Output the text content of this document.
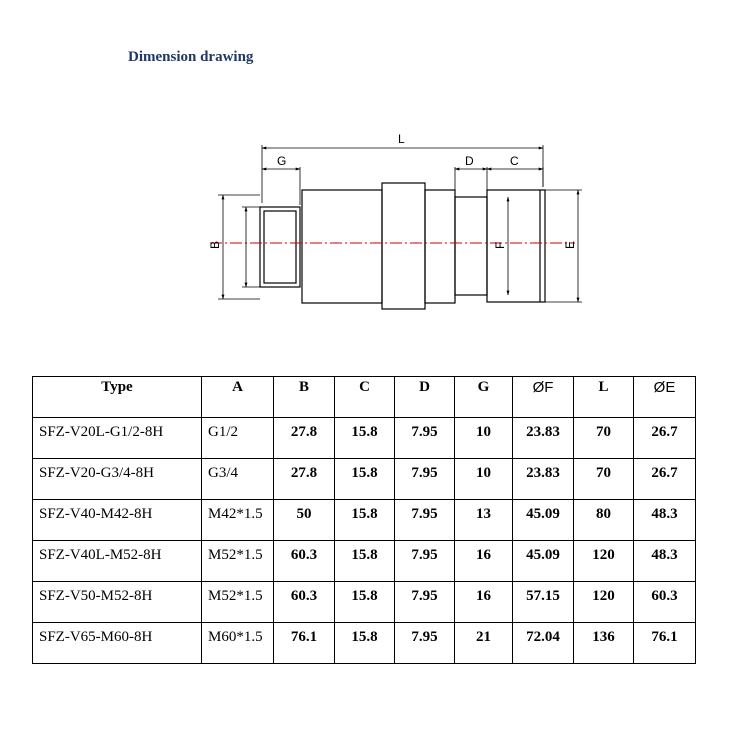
Dimension drawing
L
G	D	C
B	F	E
Type	A	B	C	D	G	ØF	L	ØE
SFZ-V20L-G1/2-8H	G1/2	27.8	15.8	7.95	10	23.83	70	26.7
SFZ-V20-G3/4-8H	G3/4	27.8	15.8	7.95	10	23.83	70	26.7
SFZ-V40-M42-8H	M42*1.5	50	15.8	7.95	13	45.09	80	48.3
SFZ-V40L-M52-8H	M52*1.5	60.3	15.8	7.95	16	45.09	120	48.3
SFZ-V50-M52-8H	M52*1.5	60.3	15.8	7.95	16	57.15	120	60.3
SFZ-V65-M60-8H	M60*1.5	76.1	15.8	7.95	21	72.04	136	76.1
